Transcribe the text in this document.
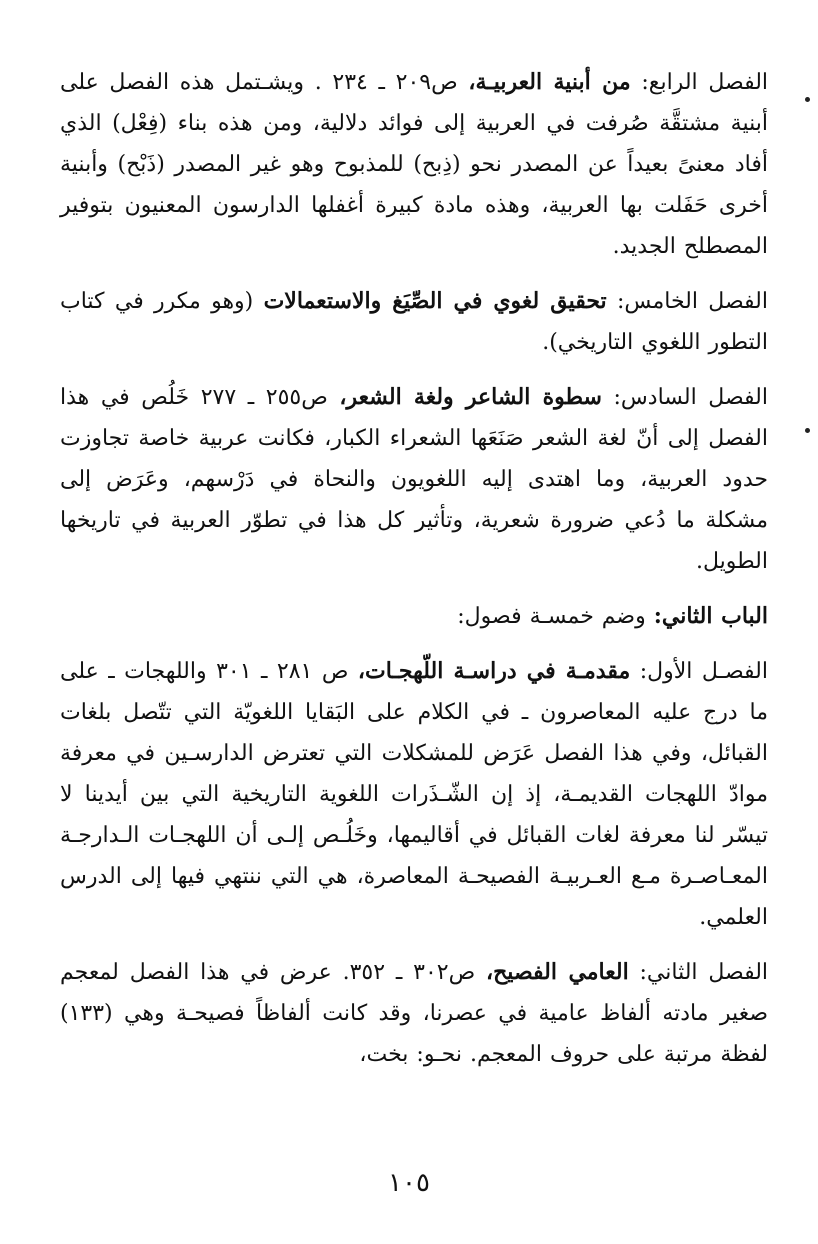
الفصل الرابع: من أبنية العربيـة، ص٢٠٩ ـ ٢٣٤ . ويشـتمل هذه الفصل على أبنية مشتقَّة صُرفت في العربية إلى فوائد دلالية، ومن هذه بناء (فِعْل) الذي أفاد معنىً بعيداً عن المصدر نحو (ذِبح) للمذبوح وهو غير المصدر (ذَبْح) وأبنية أخرى حَفَلت بها العربية، وهذه مادة كبيرة أغفلها الدارسون المعنيون بتوفير المصطلح الجديد.

الفصل الخامس: تحقيق لغوي في الصِّيَغ والاستعمالات (وهو مكرر في كتاب التطور اللغوي التاريخي).

الفصل السادس: سطوة الشاعر ولغة الشعر، ص٢٥٥ ـ ٢٧٧ خَلُص في هذا الفصل إلى أنّ لغة الشعر صَنَعَها الشعراء الكبار، فكانت عربية خاصة تجاوزت حدود العربية، وما اهتدى إليه اللغويون والنحاة في دَرْسهم، وعَرَض إلى مشكلة ما دُعي ضرورة شعرية، وتأثير كل هذا في تطوّر العربية في تاريخها الطويل.

الباب الثاني: وضم خمسـة فصول:

الفصـل الأول: مقدمـة في دراسـة اللّهجـات، ص ٢٨١ ـ ٣٠١ واللهجات ـ على ما درج عليه المعاصرون ـ في الكلام على البَقايا اللغويّة التي تتّصل بلغات القبائل، وفي هذا الفصل عَرَض للمشكلات التي تعترض الدارسـين في معرفة موادّ اللهجات القديمـة، إذ إن الشّـذَرات اللغوية التاريخية التي بين أيدينا لا تيسّر لنا معرفة لغات القبائل في أقاليمها، وخَلُـص إلـى أن اللهجـات الـدارجـة المعـاصـرة مـع العـربيـة الفصيحـة المعاصرة، هي التي ننتهي فيها إلى الدرس العلمي.

الفصل الثاني: العامي الفصيح، ص٣٠٢ ـ ٣٥٢. عرض في هذا الفصل لمعجم صغير مادته ألفاظ عامية في عصرنا، وقد كانت ألفاظاً فصيحـة وهي (١٣٣) لفظة مرتبة على حروف المعجم. نحـو: بخت،

١٠٥
